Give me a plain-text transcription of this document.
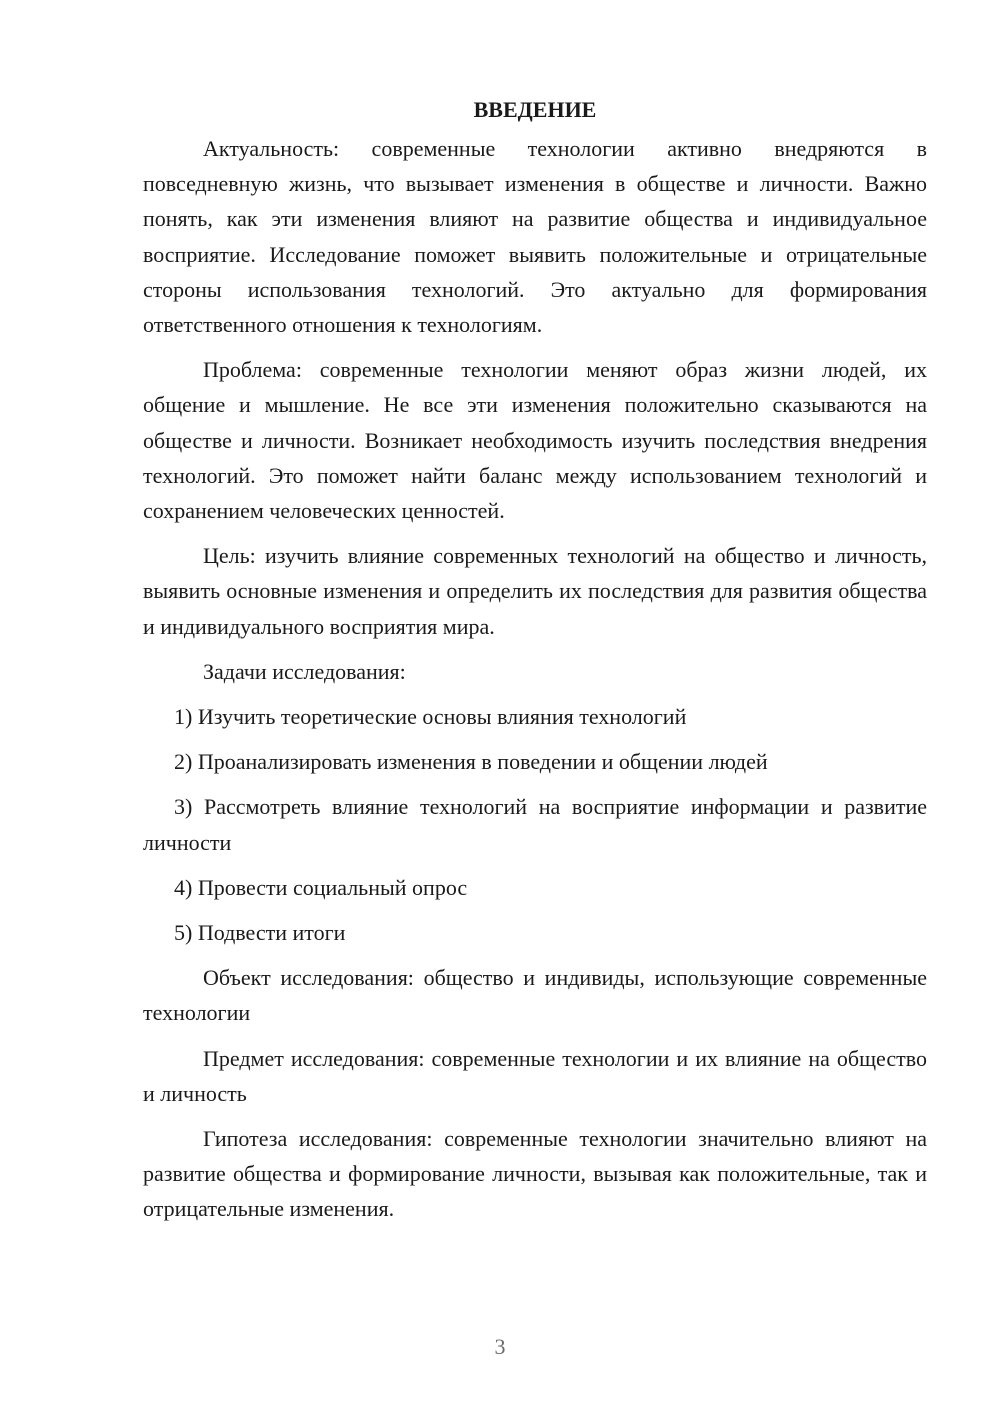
ВВЕДЕНИЕ

Актуальность: современные технологии активно внедряются в повседневную жизнь, что вызывает изменения в обществе и личности. Важно понять, как эти изменения влияют на развитие общества и индивидуальное восприятие. Исследование поможет выявить положительные и отрицательные стороны использования технологий. Это актуально для формирования ответственного отношения к технологиям.

Проблема: современные технологии меняют образ жизни людей, их общение и мышление. Не все эти изменения положительно сказываются на обществе и личности. Возникает необходимость изучить последствия внедрения технологий. Это поможет найти баланс между использованием технологий и сохранением человеческих ценностей.

Цель: изучить влияние современных технологий на общество и личность, выявить основные изменения и определить их последствия для развития общества и индивидуального восприятия мира.

Задачи исследования:

1) Изучить теоретические основы влияния технологий

2) Проанализировать изменения в поведении и общении людей

3) Рассмотреть влияние технологий на восприятие информации и развитие личности

4) Провести социальный опрос

5) Подвести итоги

Объект исследования: общество и индивиды, использующие современные технологии

Предмет исследования: современные технологии и их влияние на общество и личность

Гипотеза исследования: современные технологии значительно влияют на развитие общества и формирование личности, вызывая как положительные, так и отрицательные изменения.

3
